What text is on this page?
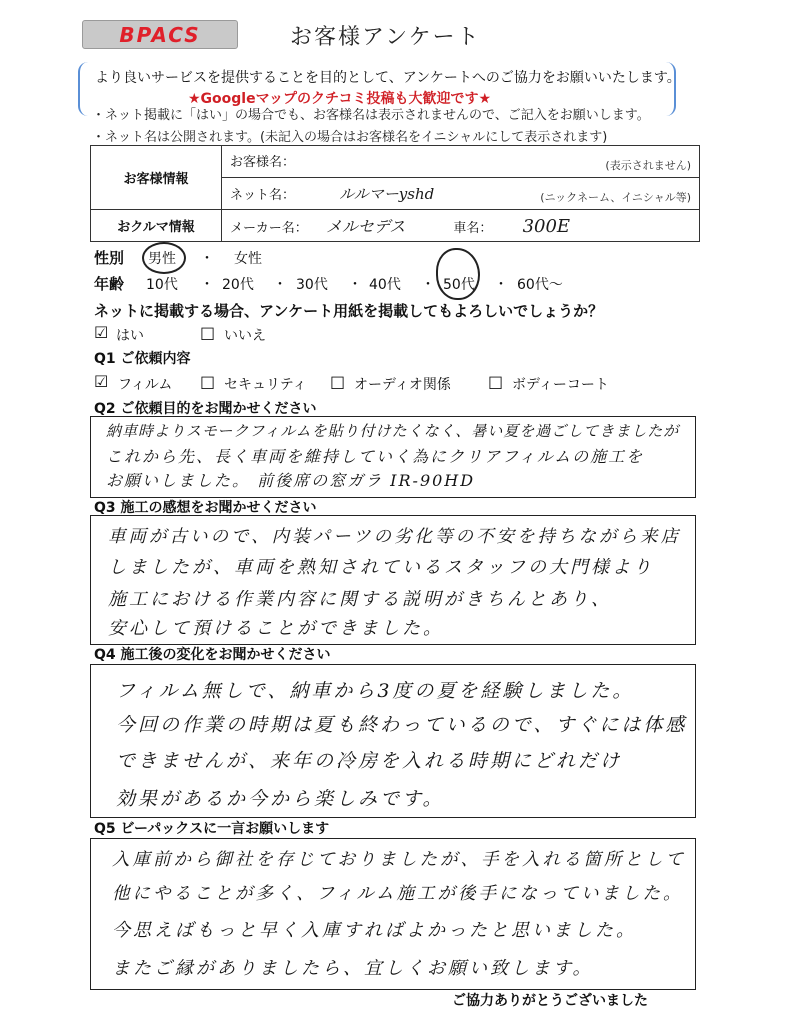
BPACS	お客様アンケート
より良いサービスを提供することを目的として、アンケートへのご協力をお願いいたします。
★Googleマップのクチコミ投稿も大歓迎です★
・ネット掲載に「はい」の場合でも、お客様名は表示されませんので、ご記入をお願いします。
・ネット名は公開されます。(未記入の場合はお客様名をイニシャルにして表示されます)
お客様情報	お客様名： (表示されません)

	ネット名： ルルマーyshd (ニックネーム、イニシャル等)

おクルマ情報	メーカー名： メルセデス 車名： 300E
性別 男性 ・ 女性
年齢 10代 ・ 20代 ・ 30代 ・ 40代 ・ 50代 ・ 60代～
ネットに掲載する場合、アンケート用紙を掲載してもよろしいでしょうか？
☑ はい	□ いいえ
Q1 ご依頼内容
☑ フィルム □ セキュリティ □ オーディオ関係 □ ボディーコート
Q2 ご依頼目的をお聞かせください
納車時よりスモークフィルムを貼り付けたくなく、暑い夏を過ごしてきましたが
これから先、長く車両を維持していく為にクリアフィルムの施工を
お願いしました。 前後席の窓ガラ IR-90HD
Q3 施工の感想をお聞かせください
車両が古いので、内装パーツの劣化等の不安を持ちながら来店
しましたが、車両を熟知されているスタッフの大門様より
施工における作業内容に関する説明がきちんとあり、
安心して預けることができました。
Q4 施工後の変化をお聞かせください
フィルム無しで、納車から3度の夏を経験しました。
今回の作業の時期は夏も終わっているので、すぐには体感
できませんが、来年の冷房を入れる時期にどれだけ
効果があるか今から楽しみです。
Q5 ビーパックスに一言お願いします
入庫前から御社を存じておりましたが、手を入れる箇所として
他にやることが多く、フィルム施工が後手になっていました。
今思えばもっと早く入庫すればよかったと思いました。
またご縁がありましたら、宜しくお願い致します。
ご協力ありがとうございました
